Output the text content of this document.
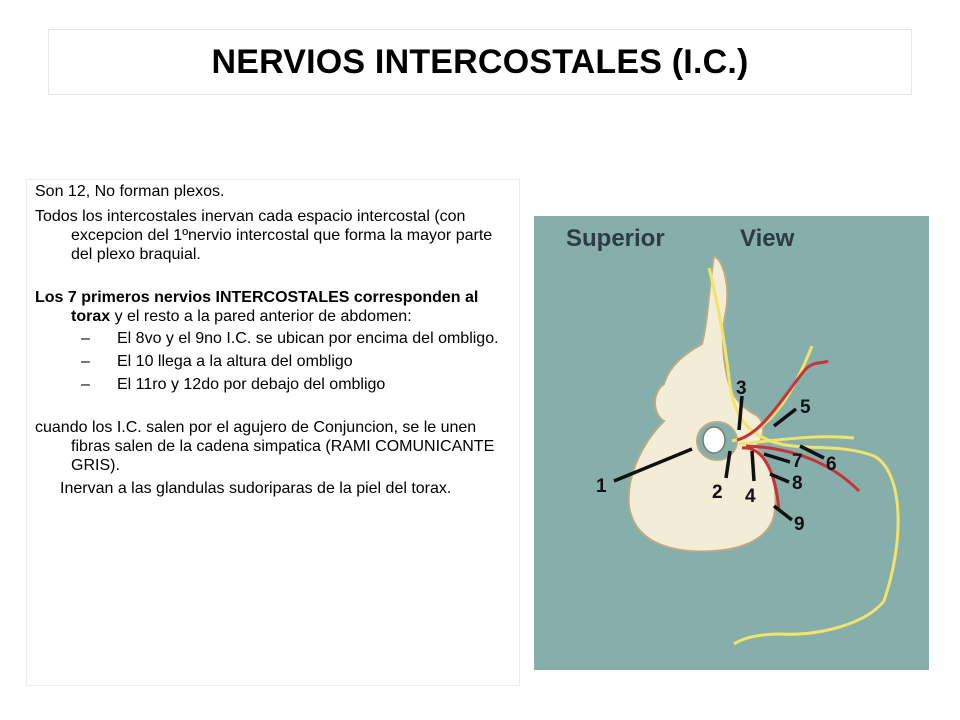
NERVIOS INTERCOSTALES (I.C.)

Son 12, No forman plexos.

Todos los intercostales inervan cada espacio intercostal (con excepcion del 1ºnervio intercostal que forma la mayor parte del plexo braquial.

Los 7 primeros nervios INTERCOSTALES corresponden al torax y el resto a la pared anterior de abdomen:

– El 8vo y el 9no I.C. se ubican por encima del ombligo.
– El 10 llega a la altura del ombligo
– El 11ro y 12do por debajo del ombligo

cuando los I.C. salen por el agujero de Conjuncion, se le unen fibras salen de la cadena simpatica (RAMI COMUNICANTE GRIS).

Inervan a las glandulas sudoriparas de la piel del torax.

Superior	View
1	2
3
4
5
6
7
8
9
